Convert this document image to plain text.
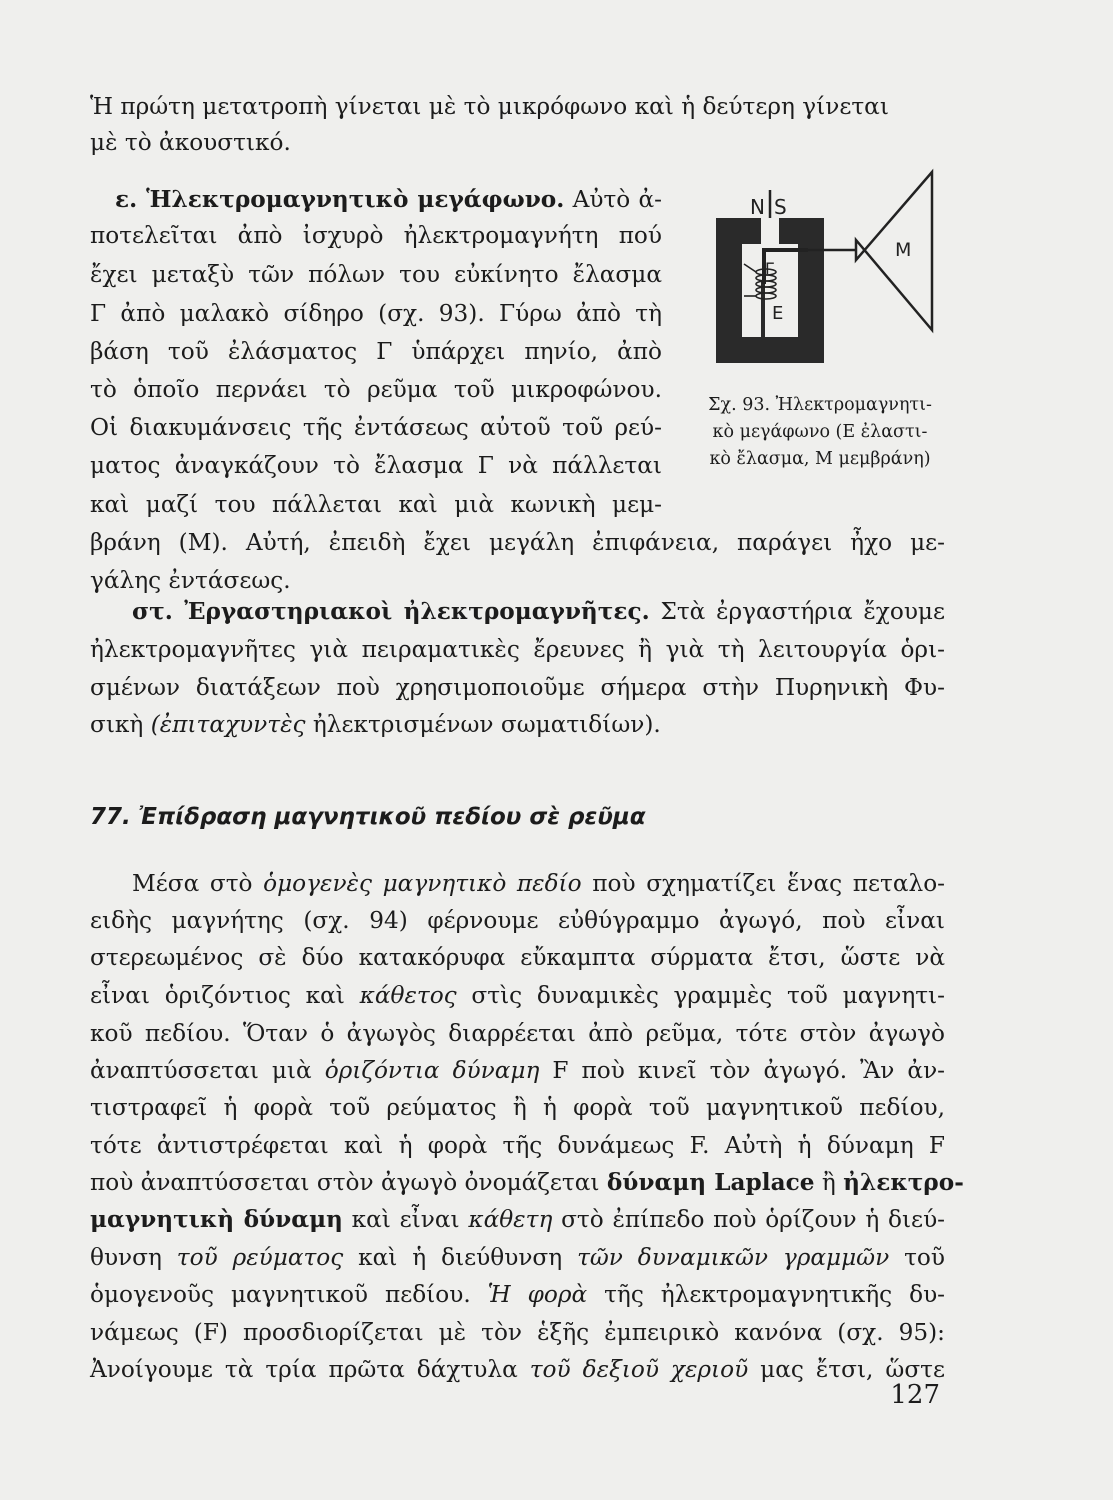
Ἡ πρώτη μετατροπὴ γίνεται μὲ τὸ μικρόφωνο καὶ ἡ δεύτερη γίνεται
μὲ τὸ ἀκουστικό.
ε. Ἡλεκτρομαγνητικὸ μεγάφωνο. Αὐτὸ ἀ-
ποτελεῖται ἀπὸ ἰσχυρὸ ἠλεκτρομαγνήτη πού
ἔχει μεταξὺ τῶν πόλων του εὐκίνητο ἔλασμα
Γ ἀπὸ μαλακὸ σίδηρο (σχ. 93). Γύρω ἀπὸ τὴ
βάση τοῦ ἐλάσματος Γ ὑπάρχει πηνίο, ἀπὸ
τὸ ὁποῖο περνάει τὸ ρεῦμα τοῦ μικροφώνου.
Οἱ διακυμάνσεις τῆς ἐντάσεως αὐτοῦ τοῦ ρεύ-
ματος ἀναγκάζουν τὸ ἔλασμα Γ νὰ πάλλεται
καὶ μαζί του πάλλεται καὶ μιὰ κωνικὴ μεμ-
βράνη (Μ). Αὐτή, ἐπειδὴ ἔχει μεγάλη ἐπιφάνεια, παράγει ἦχο με-
γάλης ἐντάσεως.
N S
Γ
E
M
Σχ. 93. Ἠλεκτρομαγνητι-
κὸ μεγάφωνο (Ε ἐλαστι-
κὸ ἔλασμα, Μ μεμβράνη)
στ. Ἐργαστηριακοὶ ἠλεκτρομαγνῆτες. Στὰ ἐργαστήρια ἔχουμε
ἠλεκτρομαγνῆτες γιὰ πειραματικὲς ἔρευνες ἢ γιὰ τὴ λειτουργία ὁρι-
σμένων διατάξεων ποὺ χρησιμοποιοῦμε σήμερα στὴν Πυρηνικὴ Φυ-
σικὴ (ἐπιταχυντὲς ἠλεκτρισμένων σωματιδίων).
77. Ἐπίδραση μαγνητικοῦ πεδίου σὲ ρεῦμα
Μέσα στὸ ὁμογενὲς μαγνητικὸ πεδίο ποὺ σχηματίζει ἕνας πεταλο-
ειδὴς μαγνήτης (σχ. 94) φέρνουμε εὐθύγραμμο ἀγωγό, ποὺ εἶναι
στερεωμένος σὲ δύο κατακόρυφα εὔκαμπτα σύρματα ἔτσι, ὥστε νὰ
εἶναι ὁριζόντιος καὶ κάθετος στὶς δυναμικὲς γραμμὲς τοῦ μαγνητι-
κοῦ πεδίου. Ὅταν ὁ ἀγωγὸς διαρρέεται ἀπὸ ρεῦμα, τότε στὸν ἀγωγὸ
ἀναπτύσσεται μιὰ ὁριζόντια δύναμη F ποὺ κινεῖ τὸν ἀγωγό. Ἂν ἀν-
τιστραφεῖ ἡ φορὰ τοῦ ρεύματος ἢ ἡ φορὰ τοῦ μαγνητικοῦ πεδίου,
τότε ἀντιστρέφεται καὶ ἡ φορὰ τῆς δυνάμεως F. Αὐτὴ ἡ δύναμη F
ποὺ ἀναπτύσσεται στὸν ἀγωγὸ ὀνομάζεται δύναμη Laplace ἢ ἠλεκτρο-
μαγνητικὴ δύναμη καὶ εἶναι κάθετη στὸ ἐπίπεδο ποὺ ὁρίζουν ἡ διεύ-
θυνση τοῦ ρεύματος καὶ ἡ διεύθυνση τῶν δυναμικῶν γραμμῶν τοῦ
ὁμογενοῦς μαγνητικοῦ πεδίου. Ἡ φορὰ τῆς ἠλεκτρομαγνητικῆς δυ-
νάμεως (F) προσδιορίζεται μὲ τὸν ἑξῆς ἐμπειρικὸ κανόνα (σχ. 95):
Ἀνοίγουμε τὰ τρία πρῶτα δάχτυλα τοῦ δεξιοῦ χεριοῦ μας ἔτσι, ὥστε
127
